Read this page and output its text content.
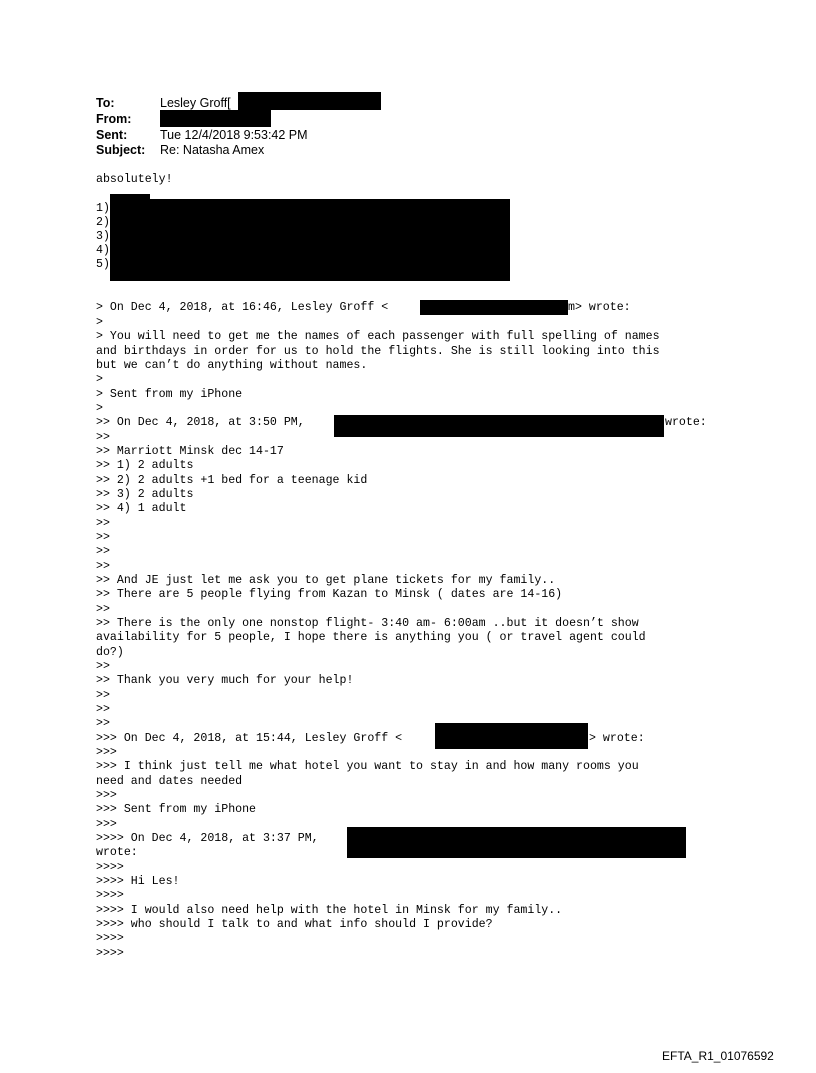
To:	Lesley Groff[
From:
Sent:	Tue 12/4/2018 9:53:42 PM
Subject: Re: Natasha Amex
absolutely!
1)
2)
3)
4)
5)
> On Dec 4, 2018, at 16:46, Lesley Groff <	m> wrote:
>
> You will need to get me the names of each passenger with full spelling of names
and birthdays in order for us to hold the flights. She is still looking into this
but we can’t do anything without names.
>
> Sent from my iPhone
>
>> On Dec 4, 2018, at 3:50 PM,	wrote:
>>
>> Marriott Minsk dec 14-17
>> 1) 2 adults
>> 2) 2 adults +1 bed for a teenage kid
>> 3) 2 adults
>> 4) 1 adult
>>
>>
>>
>>
>> And JE just let me ask you to get plane tickets for my family..
>> There are 5 people flying from Kazan to Minsk ( dates are 14-16)
>>
>> There is the only one nonstop flight- 3:40 am- 6:00am ..but it doesn’t show
availability for 5 people, I hope there is anything you ( or travel agent could
do?)
>>
>> Thank you very much for your help!
>>
>>
>>
>>> On Dec 4, 2018, at 15:44, Lesley Groff <	> wrote:
>>>
>>> I think just tell me what hotel you want to stay in and how many rooms you
need and dates needed
>>>
>>> Sent from my iPhone
>>>
>>>> On Dec 4, 2018, at 3:37 PM,
wrote:
>>>>
>>>> Hi Les!
>>>>
>>>> I would also need help with the hotel in Minsk for my family..
>>>> who should I talk to and what info should I provide?
>>>>
>>>>
EFTA_R1_01076592
